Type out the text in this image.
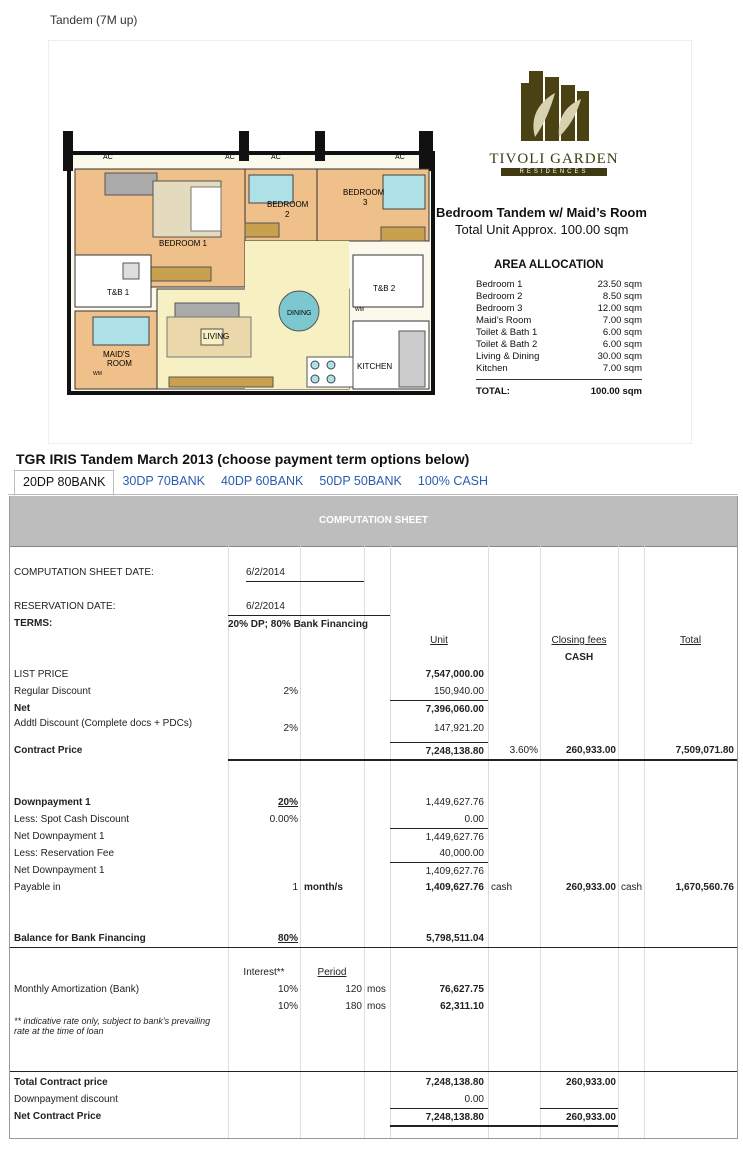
Tandem (7M up)
AC	AC	AC	AC
BEDROOM 1
BEDROOM
2
BEDROOM
3
T&B 1	T&B 2
DINING
LIVING
MAID'S
ROOM	KITCHEN
WM
WM
TIVOLI GARDEN
RESIDENCES
Bedroom Tandem w/ Maid’s Room
Total Unit Approx. 100.00 sqm
AREA ALLOCATION
Bedroom 1	23.50 sqm
Bedroom 2	8.50 sqm
Bedroom 3	12.00 sqm
Maid’s Room	7.00 sqm
Toilet & Bath 1	6.00 sqm
Toilet & Bath 2	6.00 sqm
Living & Dining	30.00 sqm
Kitchen	7.00 sqm
TOTAL:	100.00 sqm
TGR IRIS Tandem March 2013 (choose payment term options below)
20DP 80BANK	30DP 70BANK	40DP 60BANK	50DP 50BANK	100% CASH
COMPUTATION SHEET
COMPUTATION SHEET DATE:	6/2/2014
RESERVATION DATE:	6/2/2014
TERMS:	20% DP; 80% Bank Financing
Unit	Closing fees	Total
CASH
LIST PRICE	7,547,000.00
Regular Discount	2%	150,940.00
Net	7,396,060.00
Addtl Discount (Complete docs + PDCs)	2%	147,921.20
Contract Price	7,248,138.80	3.60%	260,933.00	7,509,071.80
Downpayment 1	20%	1,449,627.76
Less: Spot Cash Discount	0.00%	0.00
Net Downpayment 1	1,449,627.76
Less: Reservation Fee	40,000.00
Net Downpayment 1	1,409,627.76
Payable in	1 month/s	1,409,627.76 cash	260,933.00 cash	1,670,560.76
Balance for Bank Financing	80%	5,798,511.04
Interest**	Period
Monthly Amortization (Bank)	10%	120 mos	76,627.75
10%	180 mos	62,311.10
** indicative rate only, subject to bank's prevailing rate at the time of loan
Total Contract price	7,248,138.80	260,933.00
Downpayment discount	0.00
Net Contract Price	7,248,138.80	260,933.00
